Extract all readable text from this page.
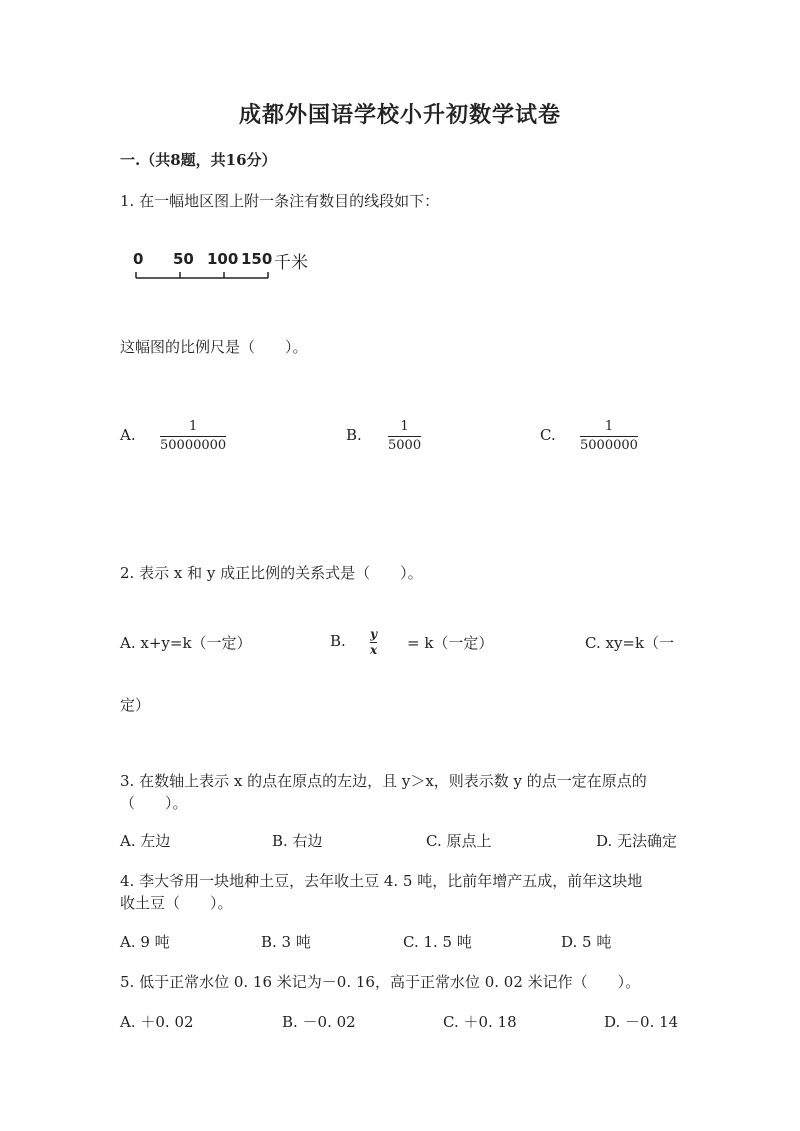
成都外国语学校小升初数学试卷
一.（共8题，共16分）
1. 在一幅地区图上附一条注有数目的线段如下：
0 50 100 150 千米
这幅图的比例尺是（　　）。
A.	1
50000000
B.	1
5000
C.	1
5000000
2. 表示 x 和 y 成正比例的关系式是（　　）。
A. x+y=k（一定）	B. y
x = k（一定）	C. xy=k（一
定）
3. 在数轴上表示 x 的点在原点的左边，且 y＞x，则表示数 y 的点一定在原点的
（　　）。
A. 左边	B. 右边	C. 原点上	D. 无法确定
4. 李大爷用一块地种土豆，去年收土豆 4. 5 吨，比前年增产五成，前年这块地
收土豆（　　）。
A. 9 吨	B. 3 吨	C. 1. 5 吨	D. 5 吨
5. 低于正常水位 0. 16 米记为－0. 16，高于正常水位 0. 02 米记作（　　）。
A. ＋0. 02	B. －0. 02	C. ＋0. 18	D. －0. 14
